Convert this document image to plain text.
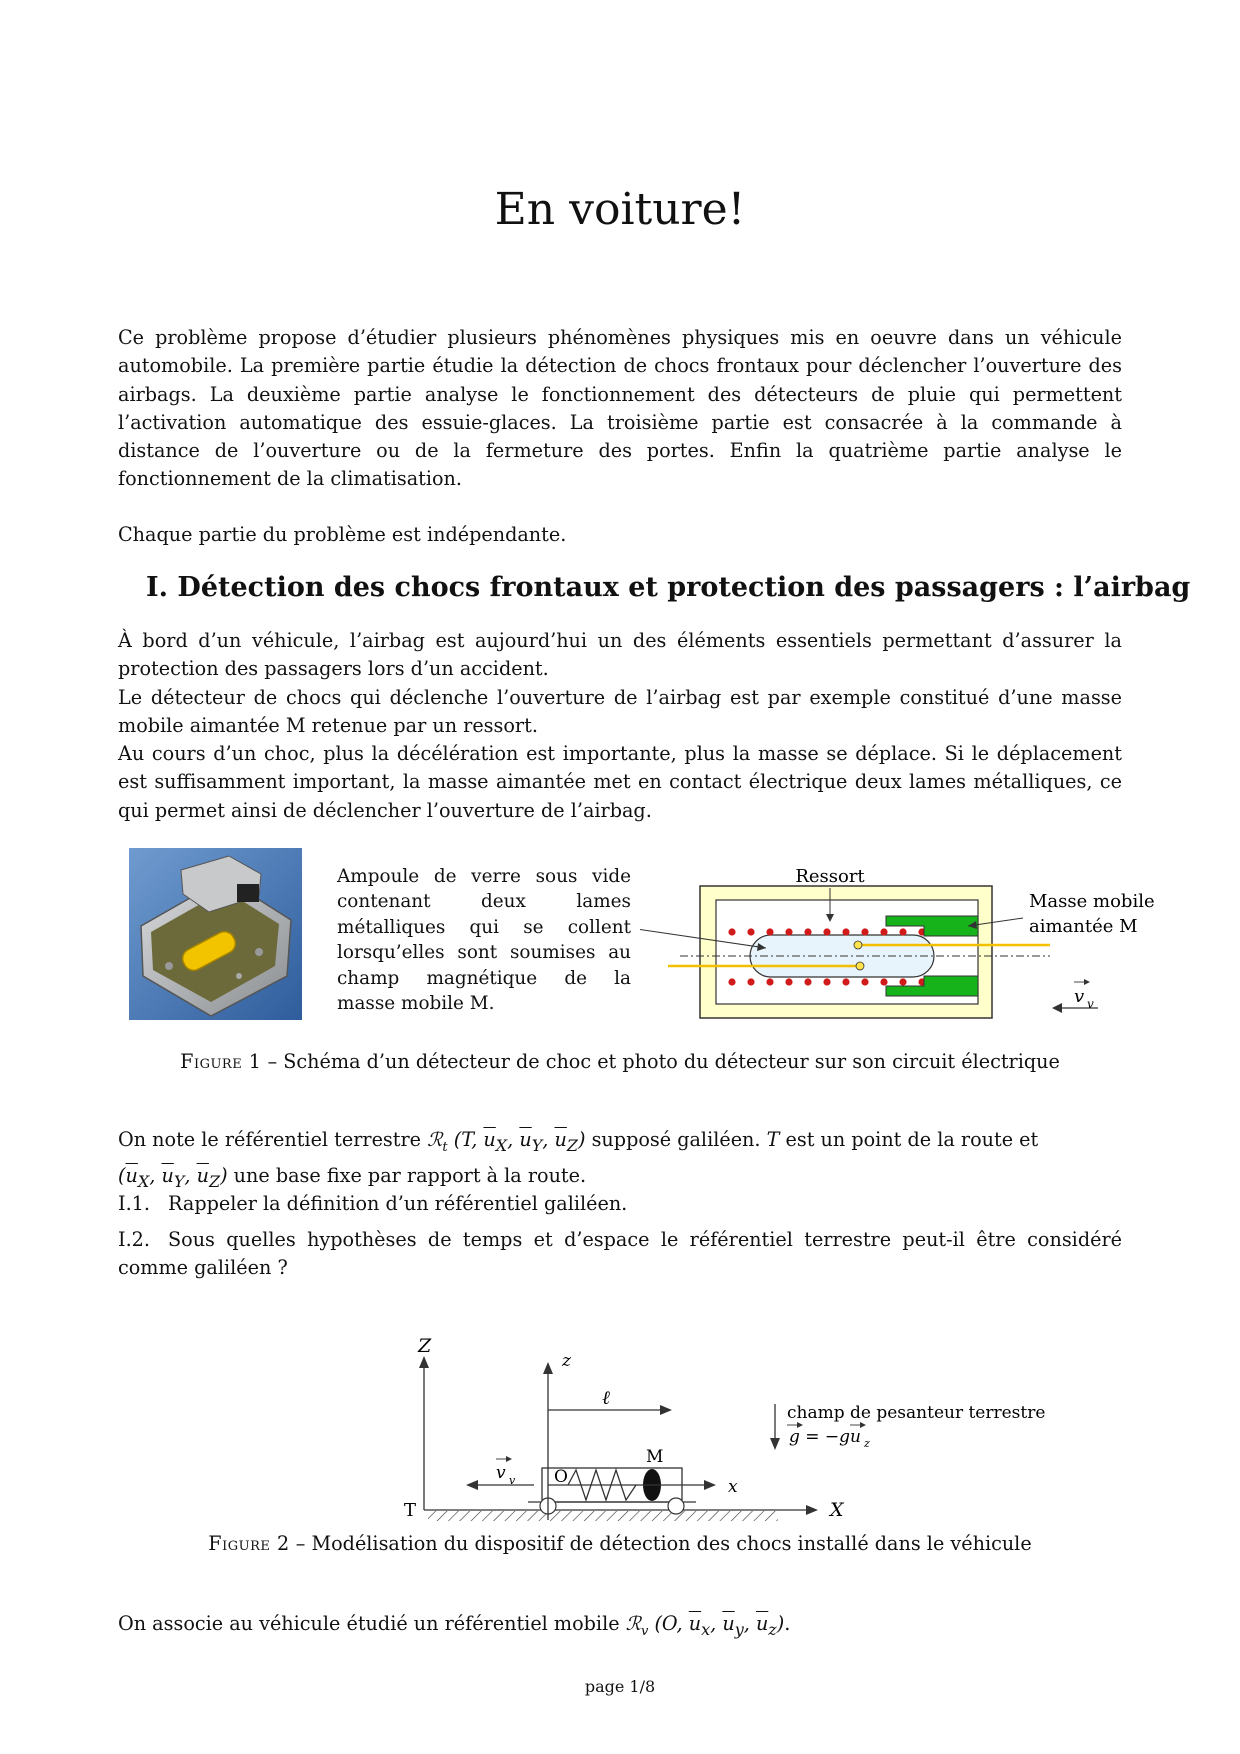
En voiture!

Ce problème propose d’étudier plusieurs phénomènes physiques mis en oeuvre dans un véhicule automobile. La première partie étudie la détection de chocs frontaux pour déclencher l’ouverture des airbags. La deuxième partie analyse le fonctionnement des détecteurs de pluie qui permettent l’activation automatique des essuie-glaces. La troisième partie est consacrée à la commande à distance de l’ouverture ou de la fermeture des portes. Enfin la quatrième partie analyse le fonctionnement de la climatisation.

Chaque partie du problème est indépendante.

I. Détection des chocs frontaux et protection des passagers : l’airbag

À bord d’un véhicule, l’airbag est aujourd’hui un des éléments essentiels permettant d’assurer la protection des passagers lors d’un accident.

Le détecteur de chocs qui déclenche l’ouverture de l’airbag est par exemple constitué d’une masse mobile aimantée M retenue par un ressort.

Au cours d’un choc, plus la décélération est importante, plus la masse se déplace. Si le déplacement est suffisamment important, la masse aimantée met en contact électrique deux lames métalliques, ce qui permet ainsi de déclencher l’ouverture de l’airbag.

Ampoule de verre sous vide contenant deux lames métalliques qui se collent lorsqu’elles sont soumises au champ magnétique de la masse mobile M.

Ressort
Masse mobile
aimantée M
v v
Figure 1 – Schéma d’un détecteur de choc et photo du détecteur sur son circuit électrique

On note le référentiel terrestre ℛ$_t$ (T, $\overline{u}_X$, $\overline{u}_Y$, $\overline{u}_Z$) supposé galiléen. T est un point de la route et
($\overline{u}_X$, $\overline{u}_Y$, $\overline{u}_Z$) une base fixe par rapport à la route.

I.1. Rappeler la définition d’un référentiel galiléen.

I.2. Sous quelles hypothèses de temps et d’espace le référentiel terrestre peut-il être considéré comme galiléen ?

Z
X
T
z
ℓ
M
O	x
v v
champ de pesanteur terrestre
g = −gu z
Figure 2 – Modélisation du dispositif de détection des chocs installé dans le véhicule

On associe au véhicule étudié un référentiel mobile ℛ$_v$ (O, $\overline{u}_x$, $\overline{u}_y$, $\overline{u}_z$).

page 1/8
